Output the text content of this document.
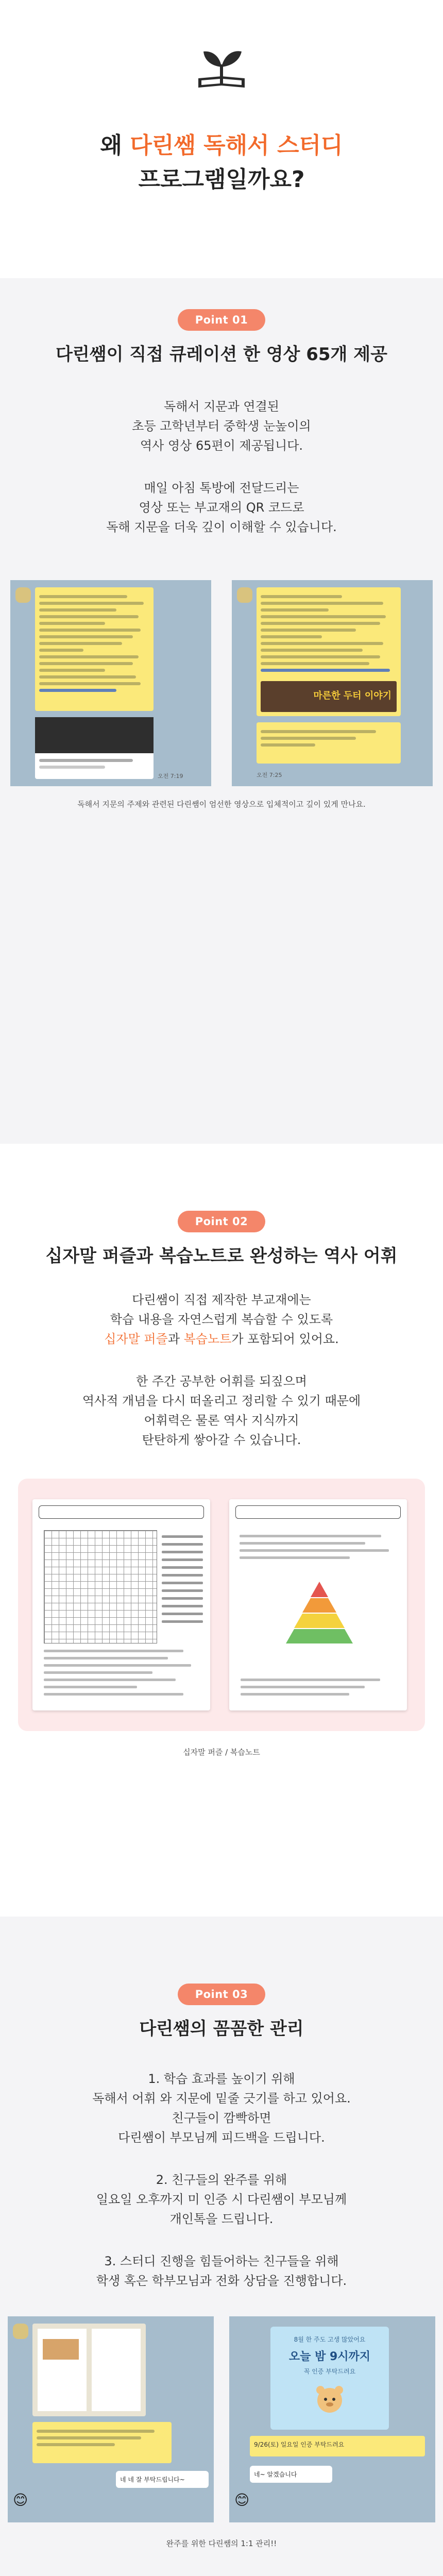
왜 다린쌤 독해서 스터디
프로그램일까요?
Point 01
다린쌤이 직접 큐레이션 한 영상 65개 제공
독해서 지문과 연결된
초등 고학년부터 중학생 눈높이의
역사 영상 65편이 제공됩니다.
매일 아침 톡방에 전달드리는
영상 또는 부교재의 QR 코드로
독해 지문을 더욱 깊이 이해할 수 있습니다.
오전 7:19
마른한 두터 이야기
오전 7:25
독해서 지문의 주제와 관련된 다린쌤이 엄선한 영상으로 입체적이고 깊이 있게 만나요.
Point 02
십자말 퍼즐과 복습노트로 완성하는 역사 어휘
다린쌤이 직접 제작한 부교재에는
학습 내용을 자연스럽게 복습할 수 있도록
십자말 퍼즐과 복습노트가 포함되어 있어요.
한 주간 공부한 어휘를 되짚으며
역사적 개념을 다시 떠올리고 정리할 수 있기 때문에
어휘력은 물론 역사 지식까지
탄탄하게 쌓아갈 수 있습니다.
십자말 퍼즐 / 복습노트
Point 03
다린쌤의 꼼꼼한 관리
1. 학습 효과를 높이기 위해
독해서 어휘 와 지문에 밑줄 긋기를 하고 있어요.
친구들이 깜빡하면
다린쌤이 부모님께 피드백을 드립니다.
2. 친구들의 완주를 위해
일요일 오후까지 미 인증 시 다린쌤이 부모님께
개인톡을 드립니다.
3. 스터디 진행을 힘들어하는 친구들을 위해
학생 혹은 학부모님과 전화 상담을 진행합니다.
네 네 잘 부탁드립니다~
😊
8월 한 주도 고생 많았어요
오늘 밤 9시까지
꼭 인증 부탁드려요
9/26(토) 일요일 인증 부탁드려요
네~ 알겠습니다
😊
완주를 위한 다린쌤의 1:1 관리!!
